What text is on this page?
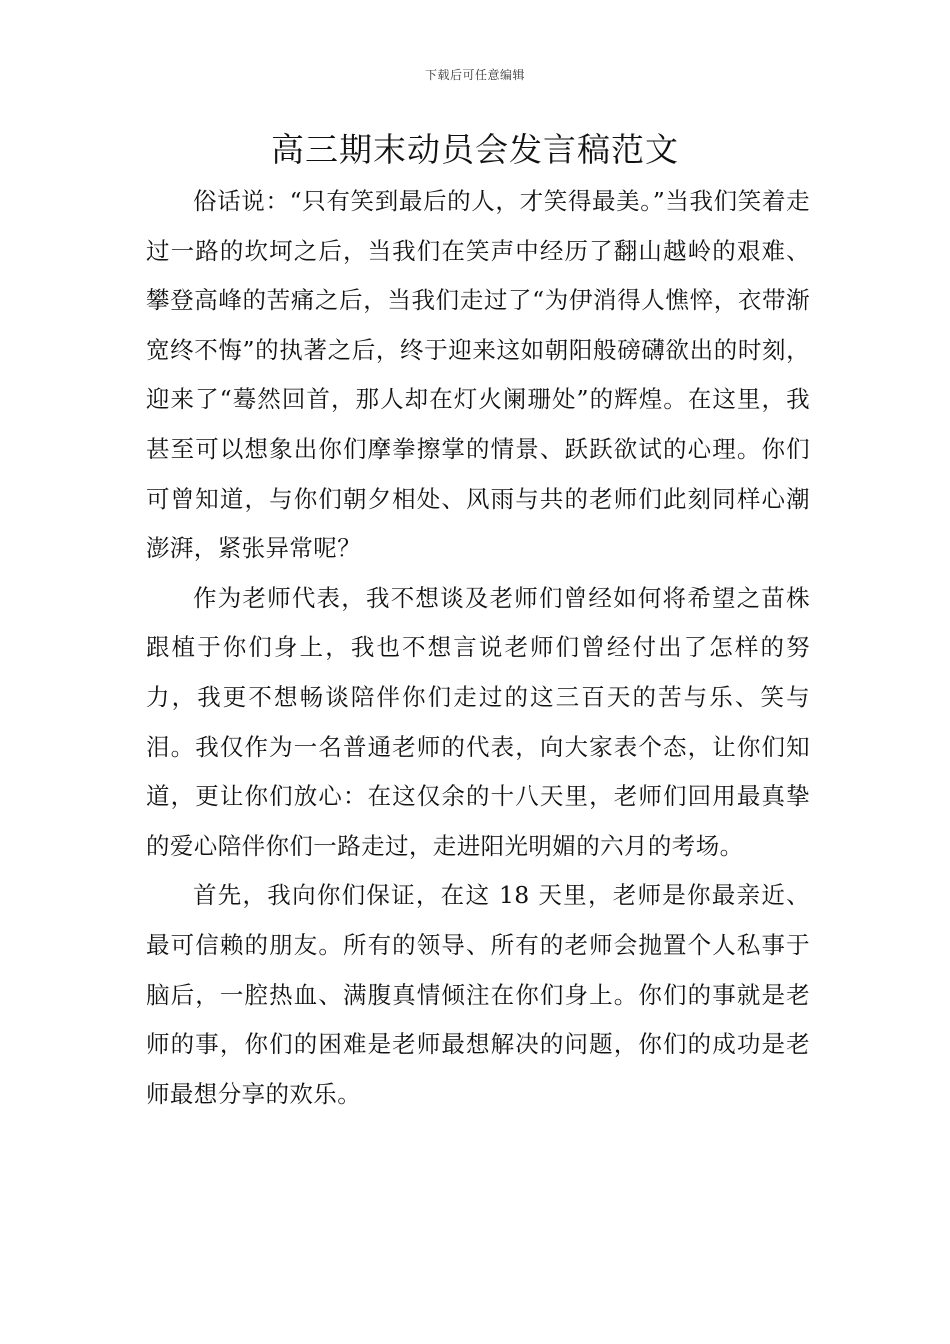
下载后可任意编辑
高三期末动员会发言稿范文

俗话说：“只有笑到最后的人，才笑得最美。”当我们笑着走过一路的坎坷之后，当我们在笑声中经历了翻山越岭的艰难、攀登高峰的苦痛之后，当我们走过了“为伊消得人憔悴，衣带渐宽终不悔”的执著之后，终于迎来这如朝阳般磅礴欲出的时刻，迎来了“蓦然回首，那人却在灯火阑珊处”的辉煌。在这里，我甚至可以想象出你们摩拳擦掌的情景、跃跃欲试的心理。你们可曾知道，与你们朝夕相处、风雨与共的老师们此刻同样心潮澎湃，紧张异常呢？

作为老师代表，我不想谈及老师们曾经如何将希望之苗株跟植于你们身上，我也不想言说老师们曾经付出了怎样的努力，我更不想畅谈陪伴你们走过的这三百天的苦与乐、笑与泪。我仅作为一名普通老师的代表，向大家表个态，让你们知道，更让你们放心：在这仅余的十八天里，老师们回用最真挚的爱心陪伴你们一路走过，走进阳光明媚的六月的考场。

首先，我向你们保证，在这 18 天里，老师是你最亲近、最可信赖的朋友。所有的领导、所有的老师会抛置个人私事于脑后，一腔热血、满腹真情倾注在你们身上。你们的事就是老师的事，你们的困难是老师最想解决的问题，你们的成功是老师最想分享的欢乐。
